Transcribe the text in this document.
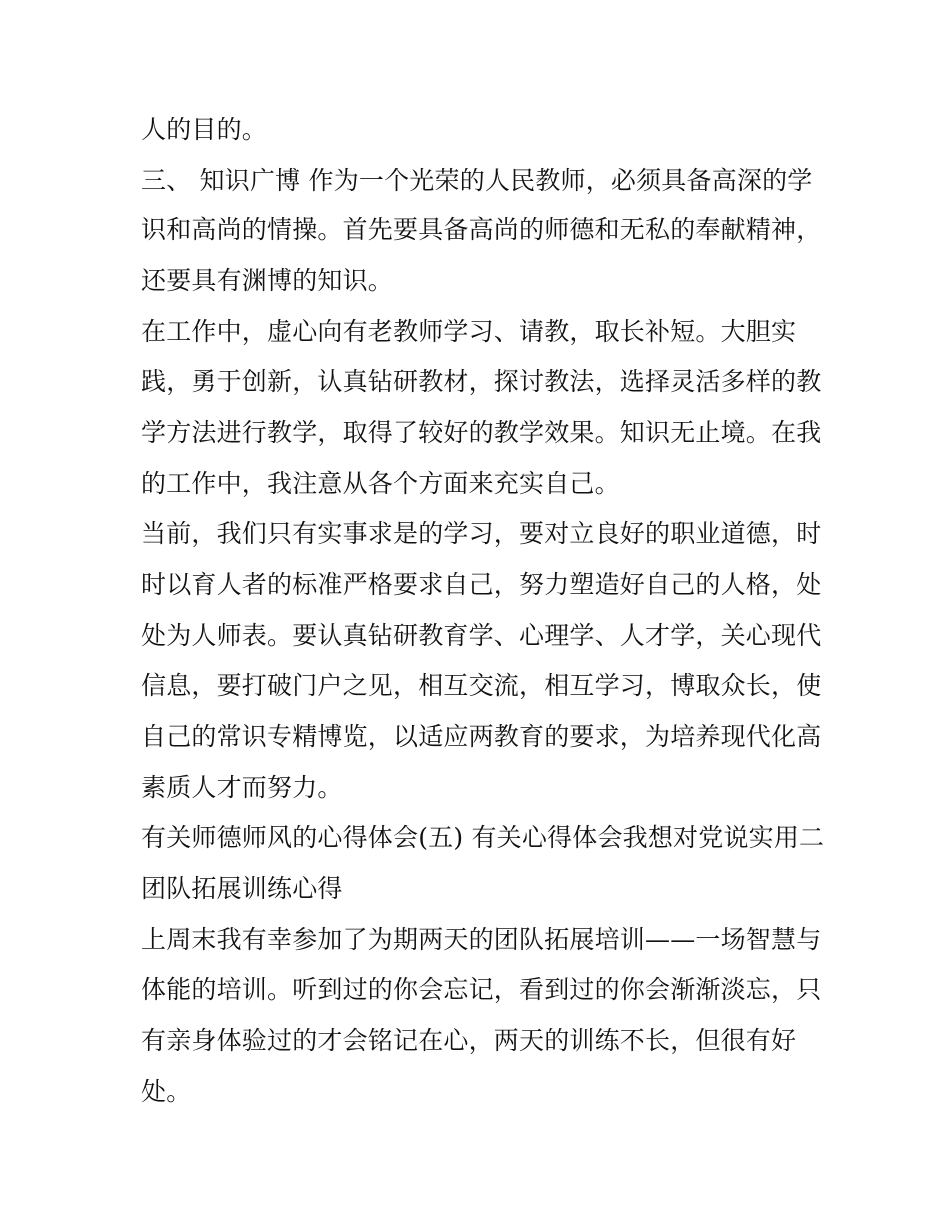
人的目的。
三、 知识广博 作为一个光荣的人民教师，必须具备高深的学
识和高尚的情操。首先要具备高尚的师德和无私的奉献精神，
还要具有渊博的知识。
在工作中，虚心向有老教师学习、请教，取长补短。大胆实
践，勇于创新，认真钻研教材，探讨教法，选择灵活多样的教
学方法进行教学，取得了较好的教学效果。知识无止境。在我
的工作中，我注意从各个方面来充实自己。
当前，我们只有实事求是的学习，要对立良好的职业道德，时
时以育人者的标准严格要求自己，努力塑造好自己的人格，处
处为人师表。要认真钻研教育学、心理学、人才学，关心现代
信息，要打破门户之见，相互交流，相互学习，博取众长，使
自己的常识专精博览，以适应两教育的要求，为培养现代化高
素质人才而努力。
有关师德师风的心得体会(五) 有关心得体会我想对党说实用二
团队拓展训练心得
上周末我有幸参加了为期两天的团队拓展培训——一场智慧与
体能的培训。听到过的你会忘记，看到过的你会渐渐淡忘，只
有亲身体验过的才会铭记在心，两天的训练不长，但很有好
处。
